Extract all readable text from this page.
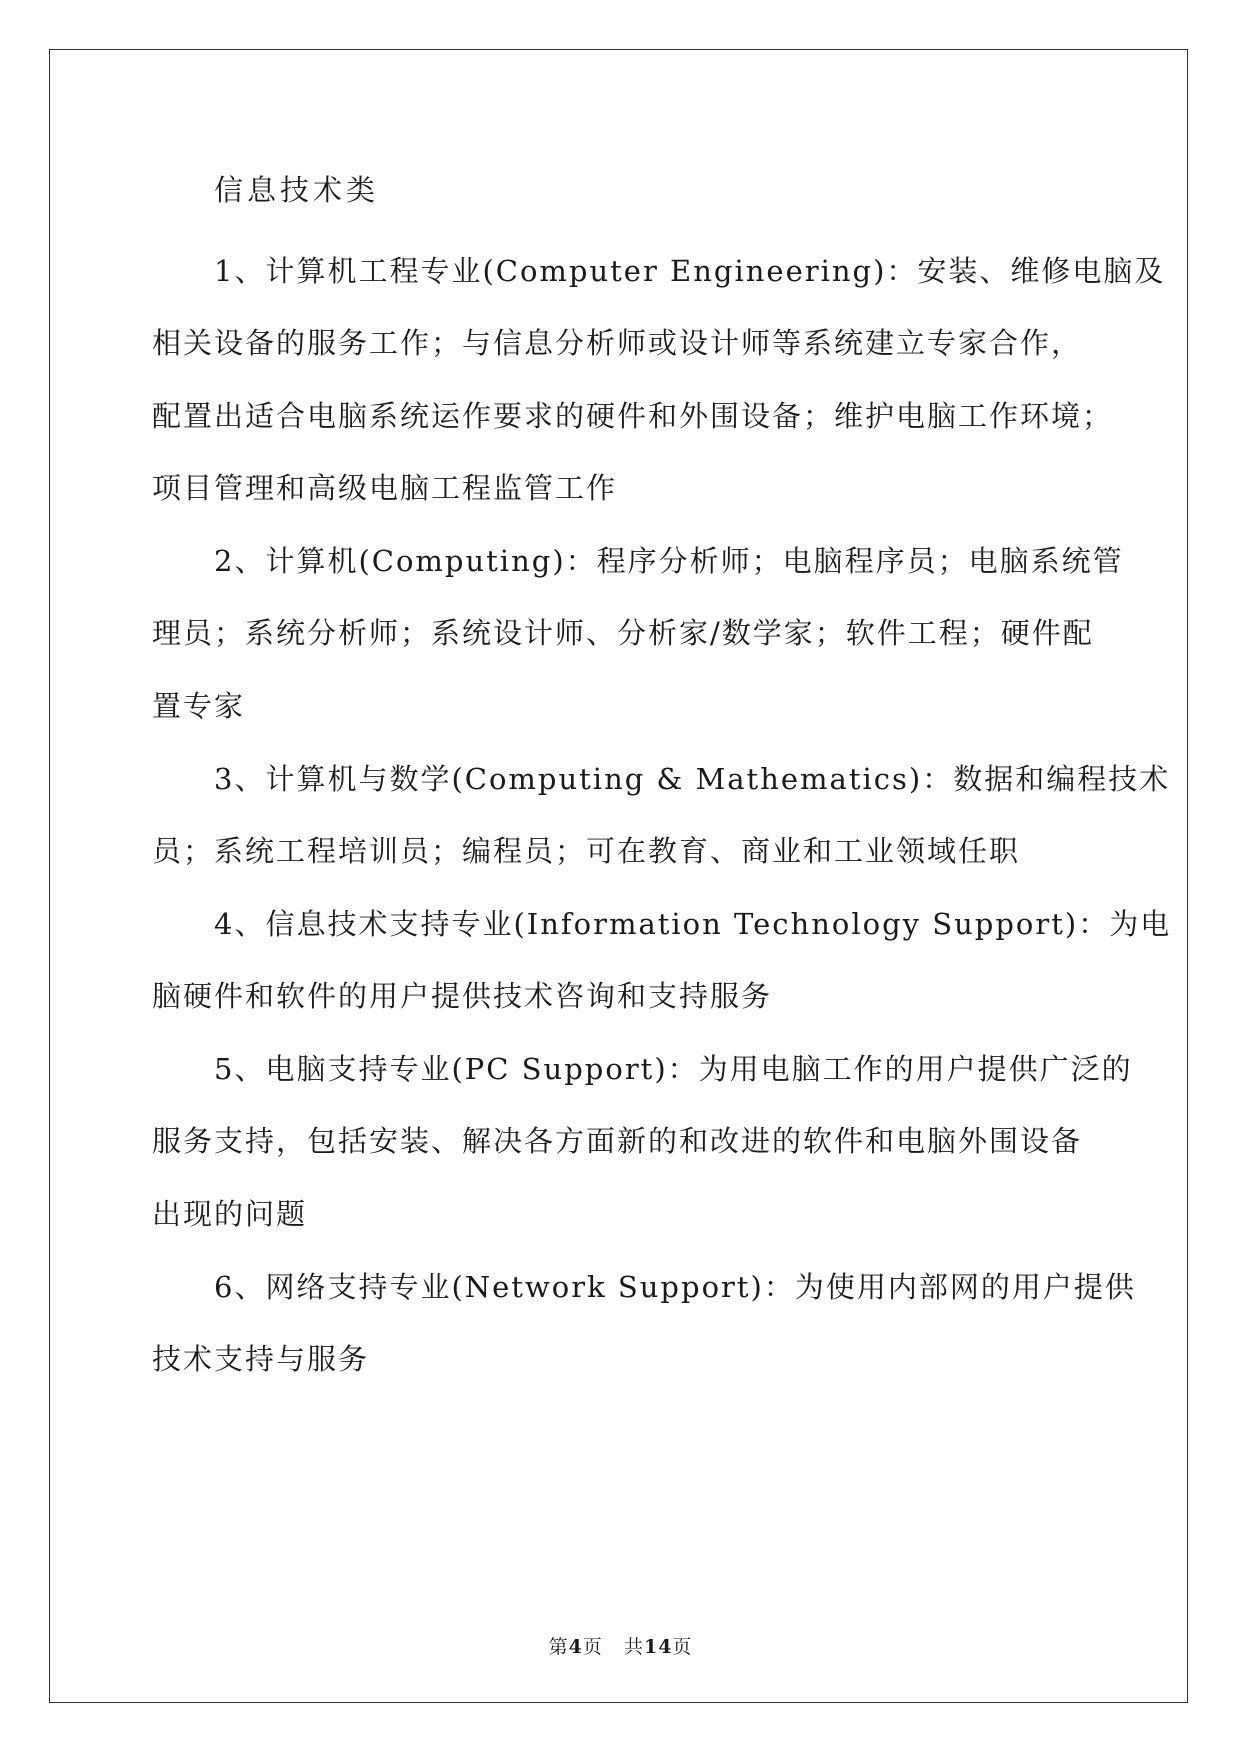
信息技术类
1、计算机工程专业(Computer Engineering)：安装、维修电脑及
相关设备的服务工作；与信息分析师或设计师等系统建立专家合作，
配置出适合电脑系统运作要求的硬件和外围设备；维护电脑工作环境；
项目管理和高级电脑工程监管工作
2、计算机(Computing)：程序分析师；电脑程序员；电脑系统管
理员；系统分析师；系统设计师、分析家/数学家；软件工程；硬件配
置专家
3、计算机与数学(Computing & Mathematics)：数据和编程技术
员；系统工程培训员；编程员；可在教育、商业和工业领域任职
4、信息技术支持专业(Information Technology Support)：为电
脑硬件和软件的用户提供技术咨询和支持服务
5、电脑支持专业(PC Support)：为用电脑工作的用户提供广泛的
服务支持，包括安装、解决各方面新的和改进的软件和电脑外围设备
出现的问题
6、网络支持专业(Network Support)：为使用内部网的用户提供
技术支持与服务
第4页 共14页
